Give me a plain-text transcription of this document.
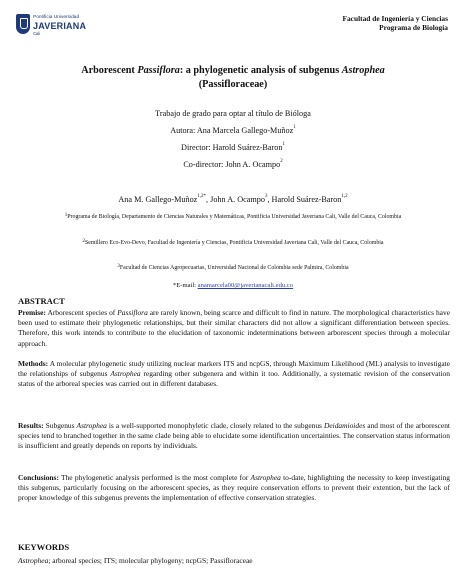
Pontificia Universidad
JAVERIANA
Cali
Facultad de Ingeniería y Ciencias
Programa de Biología
Arborescent Passiflora: a phylogenetic analysis of subgenus Astrophea
(Passifloraceae)
Trabajo de grado para optar al título de Bióloga
Autora: Ana Marcela Gallego-Muñoz$^1$
Director: Harold Suárez-Baron$^1$
Co-director: John A. Ocampo$^2$
Ana M. Gallego-Muñoz$^{1,2*}$, John A. Ocampo$^3$, Harold Suárez-Baron$^{1,2}$
$^1$Programa de Biología, Departamento de Ciencias Naturales y Matemáticas, Pontificia Universidad Javeriana Cali, Valle del Cauca, Colombia
$^2$Semillero Eco-Evo-Devo, Facultad de Ingeniería y Ciencias, Pontificia Universidad Javeriana Cali, Valle del Cauca, Colombia
$^3$Facultad de Ciencias Agropecuarias, Universidad Nacional de Colombia sede Palmira, Colombia
*E-mail: anamarcela00@javerianacali.edu.co
ABSTRACT
Premise: Arborescent species of Passiflora are rarely known, being scarce and difficult to find in nature. The morphological characteristics have been used to estimate their phylogenetic relationships, but their similar characters did not allow a significant differentiation between species. Therefore, this work intends to contribute to the elucidation of taxonomic indeterminations between arborescent species through a molecular approach.
Methods: A molecular phylogenetic study utilizing nuclear markers ITS and ncpGS, through Maximum Likelihood (ML) analysis to investigate the relationships of subgenus Astrophea regarding other subgenera and within it too. Additionally, a systematic revision of the conservation status of the arboreal species was carried out in different databases.
Results: Subgenus Astrophea is a well-supported monophyletic clade, closely related to the subgenus Deidamioides and most of the arborescent species tend to branched together in the same clade being able to elucidate some identification uncertainties. The conservation status information is insufficient and greatly depends on reports by individuals.
Conclusions: The phylogenetic analysis performed is the most complete for Astrophea to-date, highlighting the necessity to keep investigating this subgenus, particularly focusing on the arborescent species, as they require conservation efforts to prevent their extention, but the lack of proper knowledge of this subgenus prevents the implementation of effective conservation strategies.
KEYWORDS
Astrophea; arboreal species; ITS; molecular phylogeny; ncpGS; Passifloraceae
